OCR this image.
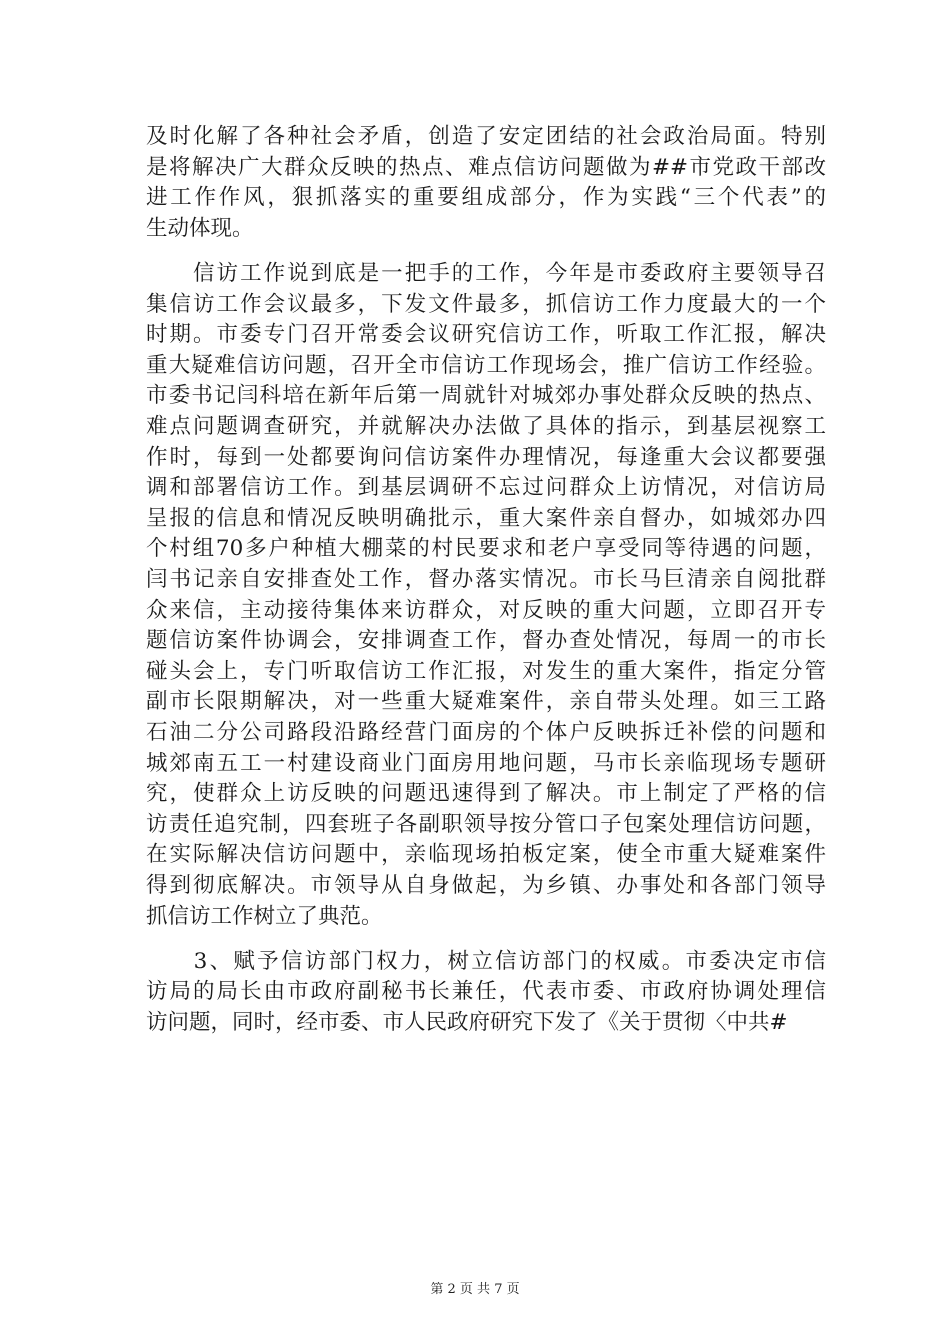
及时化解了各种社会矛盾，创造了安定团结的社会政治局面。特别
是将解决广大群众反映的热点、难点信访问题做为##市党政干部改
进工作作风，狠抓落实的重要组成部分，作为实践“三个代表”的
生动体现。
　　信访工作说到底是一把手的工作，今年是市委政府主要领导召
集信访工作会议最多，下发文件最多，抓信访工作力度最大的一个
时期。市委专门召开常委会议研究信访工作，听取工作汇报，解决
重大疑难信访问题，召开全市信访工作现场会，推广信访工作经验。
市委书记闫科培在新年后第一周就针对城郊办事处群众反映的热点、
难点问题调查研究，并就解决办法做了具体的指示，到基层视察工
作时，每到一处都要询问信访案件办理情况，每逢重大会议都要强
调和部署信访工作。到基层调研不忘过问群众上访情况，对信访局
呈报的信息和情况反映明确批示，重大案件亲自督办，如城郊办四
个村组70多户种植大棚菜的村民要求和老户享受同等待遇的问题，
闫书记亲自安排查处工作，督办落实情况。市长马巨清亲自阅批群
众来信，主动接待集体来访群众，对反映的重大问题，立即召开专
题信访案件协调会，安排调查工作，督办查处情况，每周一的市长
碰头会上，专门听取信访工作汇报，对发生的重大案件，指定分管
副市长限期解决，对一些重大疑难案件，亲自带头处理。如三工路
石油二分公司路段沿路经营门面房的个体户反映拆迁补偿的问题和
城郊南五工一村建设商业门面房用地问题，马市长亲临现场专题研
究，使群众上访反映的问题迅速得到了解决。市上制定了严格的信
访责任追究制，四套班子各副职领导按分管口子包案处理信访问题，
在实际解决信访问题中，亲临现场拍板定案，使全市重大疑难案件
得到彻底解决。市领导从自身做起，为乡镇、办事处和各部门领导
抓信访工作树立了典范。
　　3、赋予信访部门权力，树立信访部门的权威。市委决定市信
访局的局长由市政府副秘书长兼任，代表市委、市政府协调处理信
访问题，同时，经市委、市人民政府研究下发了《关于贯彻〈中共#
第 2 页 共 7 页
